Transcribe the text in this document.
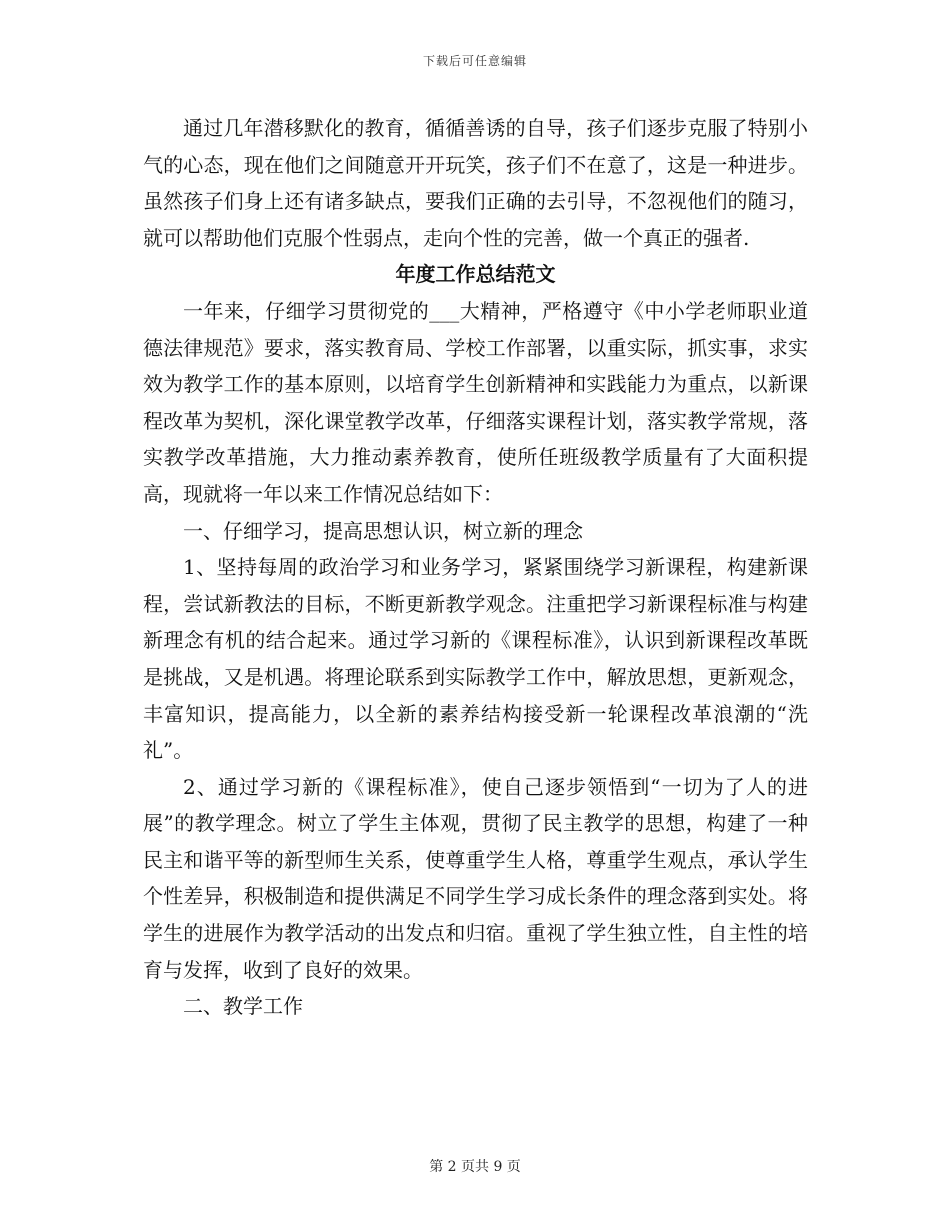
下载后可任意编辑

通过几年潜移默化的教育，循循善诱的自导，孩子们逐步克服了特别小气的心态，现在他们之间随意开开玩笑，孩子们不在意了，这是一种进步。虽然孩子们身上还有诸多缺点，要我们正确的去引导，不忽视他们的随习，就可以帮助他们克服个性弱点，走向个性的完善，做一个真正的强者.

年度工作总结范文

一年来，仔细学习贯彻党的___大精神，严格遵守《中小学老师职业道德法律规范》要求，落实教育局、学校工作部署，以重实际，抓实事，求实效为教学工作的基本原则，以培育学生创新精神和实践能力为重点，以新课程改革为契机，深化课堂教学改革，仔细落实课程计划，落实教学常规，落实教学改革措施，大力推动素养教育，使所任班级教学质量有了大面积提高，现就将一年以来工作情况总结如下：

一、仔细学习，提高思想认识，树立新的理念

1、坚持每周的政治学习和业务学习，紧紧围绕学习新课程，构建新课程，尝试新教法的目标，不断更新教学观念。注重把学习新课程标准与构建新理念有机的结合起来。通过学习新的《课程标准》，认识到新课程改革既是挑战，又是机遇。将理论联系到实际教学工作中，解放思想，更新观念，丰富知识，提高能力，以全新的素养结构接受新一轮课程改革浪潮的“洗礼”。

2、通过学习新的《课程标准》，使自己逐步领悟到“一切为了人的进展”的教学理念。树立了学生主体观，贯彻了民主教学的思想，构建了一种民主和谐平等的新型师生关系，使尊重学生人格，尊重学生观点，承认学生个性差异，积极制造和提供满足不同学生学习成长条件的理念落到实处。将学生的进展作为教学活动的出发点和归宿。重视了学生独立性，自主性的培育与发挥，收到了良好的效果。

二、教学工作

第 2 页共 9 页
